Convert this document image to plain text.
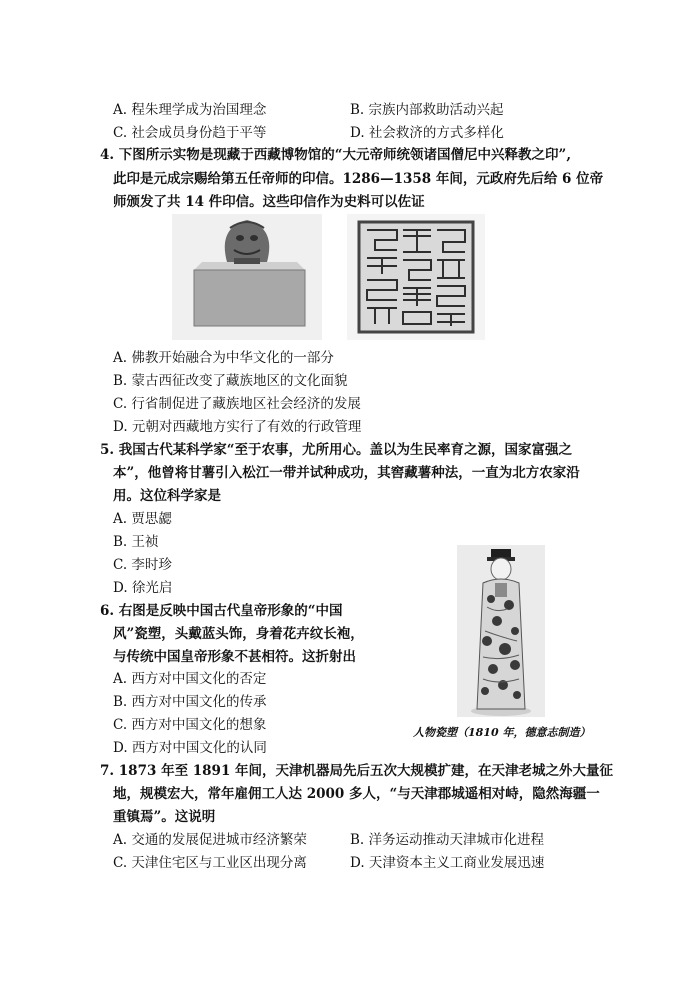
A. 程朱理学成为治国理念	B. 宗族内部救助活动兴起
C. 社会成员身份趋于平等	D. 社会救济的方式多样化
4. 下图所示实物是现藏于西藏博物馆的“大元帝师统领诸国僧尼中兴释教之印”,
此印是元成宗赐给第五任帝师的印信。1286—1358 年间，元政府先后给 6 位帝
师颁发了共 14 件印信。这些印信作为史料可以佐证
A. 佛教开始融合为中华文化的一部分
B. 蒙古西征改变了藏族地区的文化面貌
C. 行省制促进了藏族地区社会经济的发展
D. 元朝对西藏地方实行了有效的行政管理
5. 我国古代某科学家“至于农事，尤所用心。盖以为生民率育之源，国家富强之
本”，他曾将甘薯引入松江一带并试种成功，其窖藏薯种法，一直为北方农家沿
用。这位科学家是
A. 贾思勰
B. 王祯
C. 李时珍
D. 徐光启
人物瓷塑（1810 年，德意志制造）
6. 右图是反映中国古代皇帝形象的“中国
风”瓷塑，头戴蓝头饰，身着花卉纹长袍，
与传统中国皇帝形象不甚相符。这折射出
A. 西方对中国文化的否定
B. 西方对中国文化的传承
C. 西方对中国文化的想象
D. 西方对中国文化的认同
7. 1873 年至 1891 年间，天津机器局先后五次大规模扩建，在天津老城之外大量征
地，规模宏大，常年雇佣工人达 2000 多人，“与天津郡城遥相对峙，隐然海疆一
重镇焉”。这说明
A. 交通的发展促进城市经济繁荣	B. 洋务运动推动天津城市化进程
C. 天津住宅区与工业区出现分离	D. 天津资本主义工商业发展迅速
